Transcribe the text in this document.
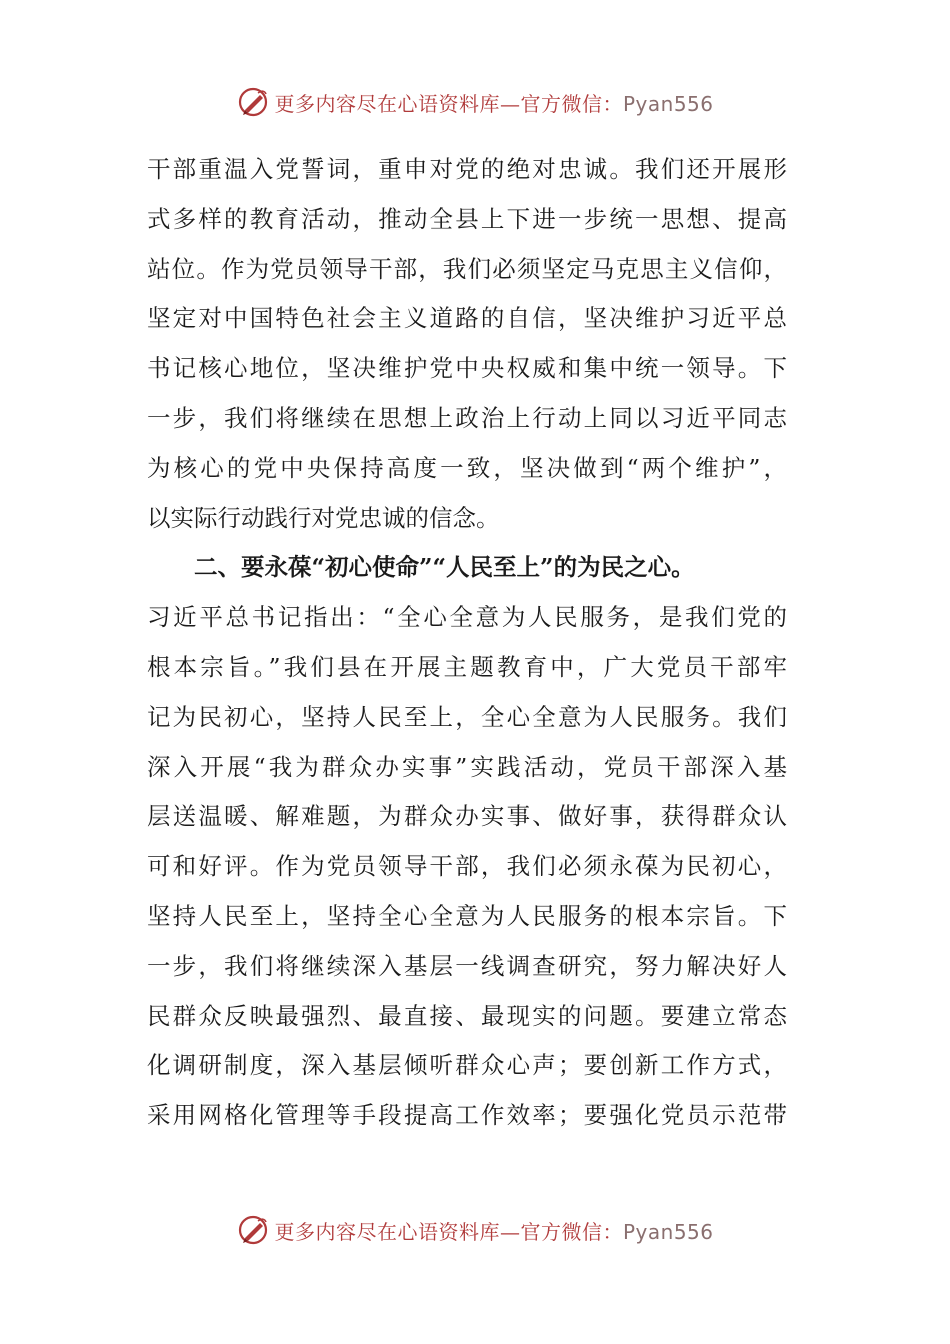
更多内容尽在心语资料库—官方微信：Pyan556
干部重温入党誓词，重申对党的绝对忠诚。我们还开展形
式多样的教育活动，推动全县上下进一步统一思想、提高
站位。作为党员领导干部，我们必须坚定马克思主义信仰，
坚定对中国特色社会主义道路的自信，坚决维护习近平总
书记核心地位，坚决维护党中央权威和集中统一领导。下
一步，我们将继续在思想上政治上行动上同以习近平同志
为核心的党中央保持高度一致，坚决做到“两个维护”，
以实际行动践行对党忠诚的信念。
二、要永葆“初心使命”“人民至上”的为民之心。
习近平总书记指出：“全心全意为人民服务，是我们党的
根本宗旨。”我们县在开展主题教育中，广大党员干部牢
记为民初心，坚持人民至上，全心全意为人民服务。我们
深入开展“我为群众办实事”实践活动，党员干部深入基
层送温暖、解难题，为群众办实事、做好事，获得群众认
可和好评。作为党员领导干部，我们必须永葆为民初心，
坚持人民至上，坚持全心全意为人民服务的根本宗旨。下
一步，我们将继续深入基层一线调查研究，努力解决好人
民群众反映最强烈、最直接、最现实的问题。要建立常态
化调研制度，深入基层倾听群众心声；要创新工作方式，
采用网格化管理等手段提高工作效率；要强化党员示范带
更多内容尽在心语资料库—官方微信：Pyan556
